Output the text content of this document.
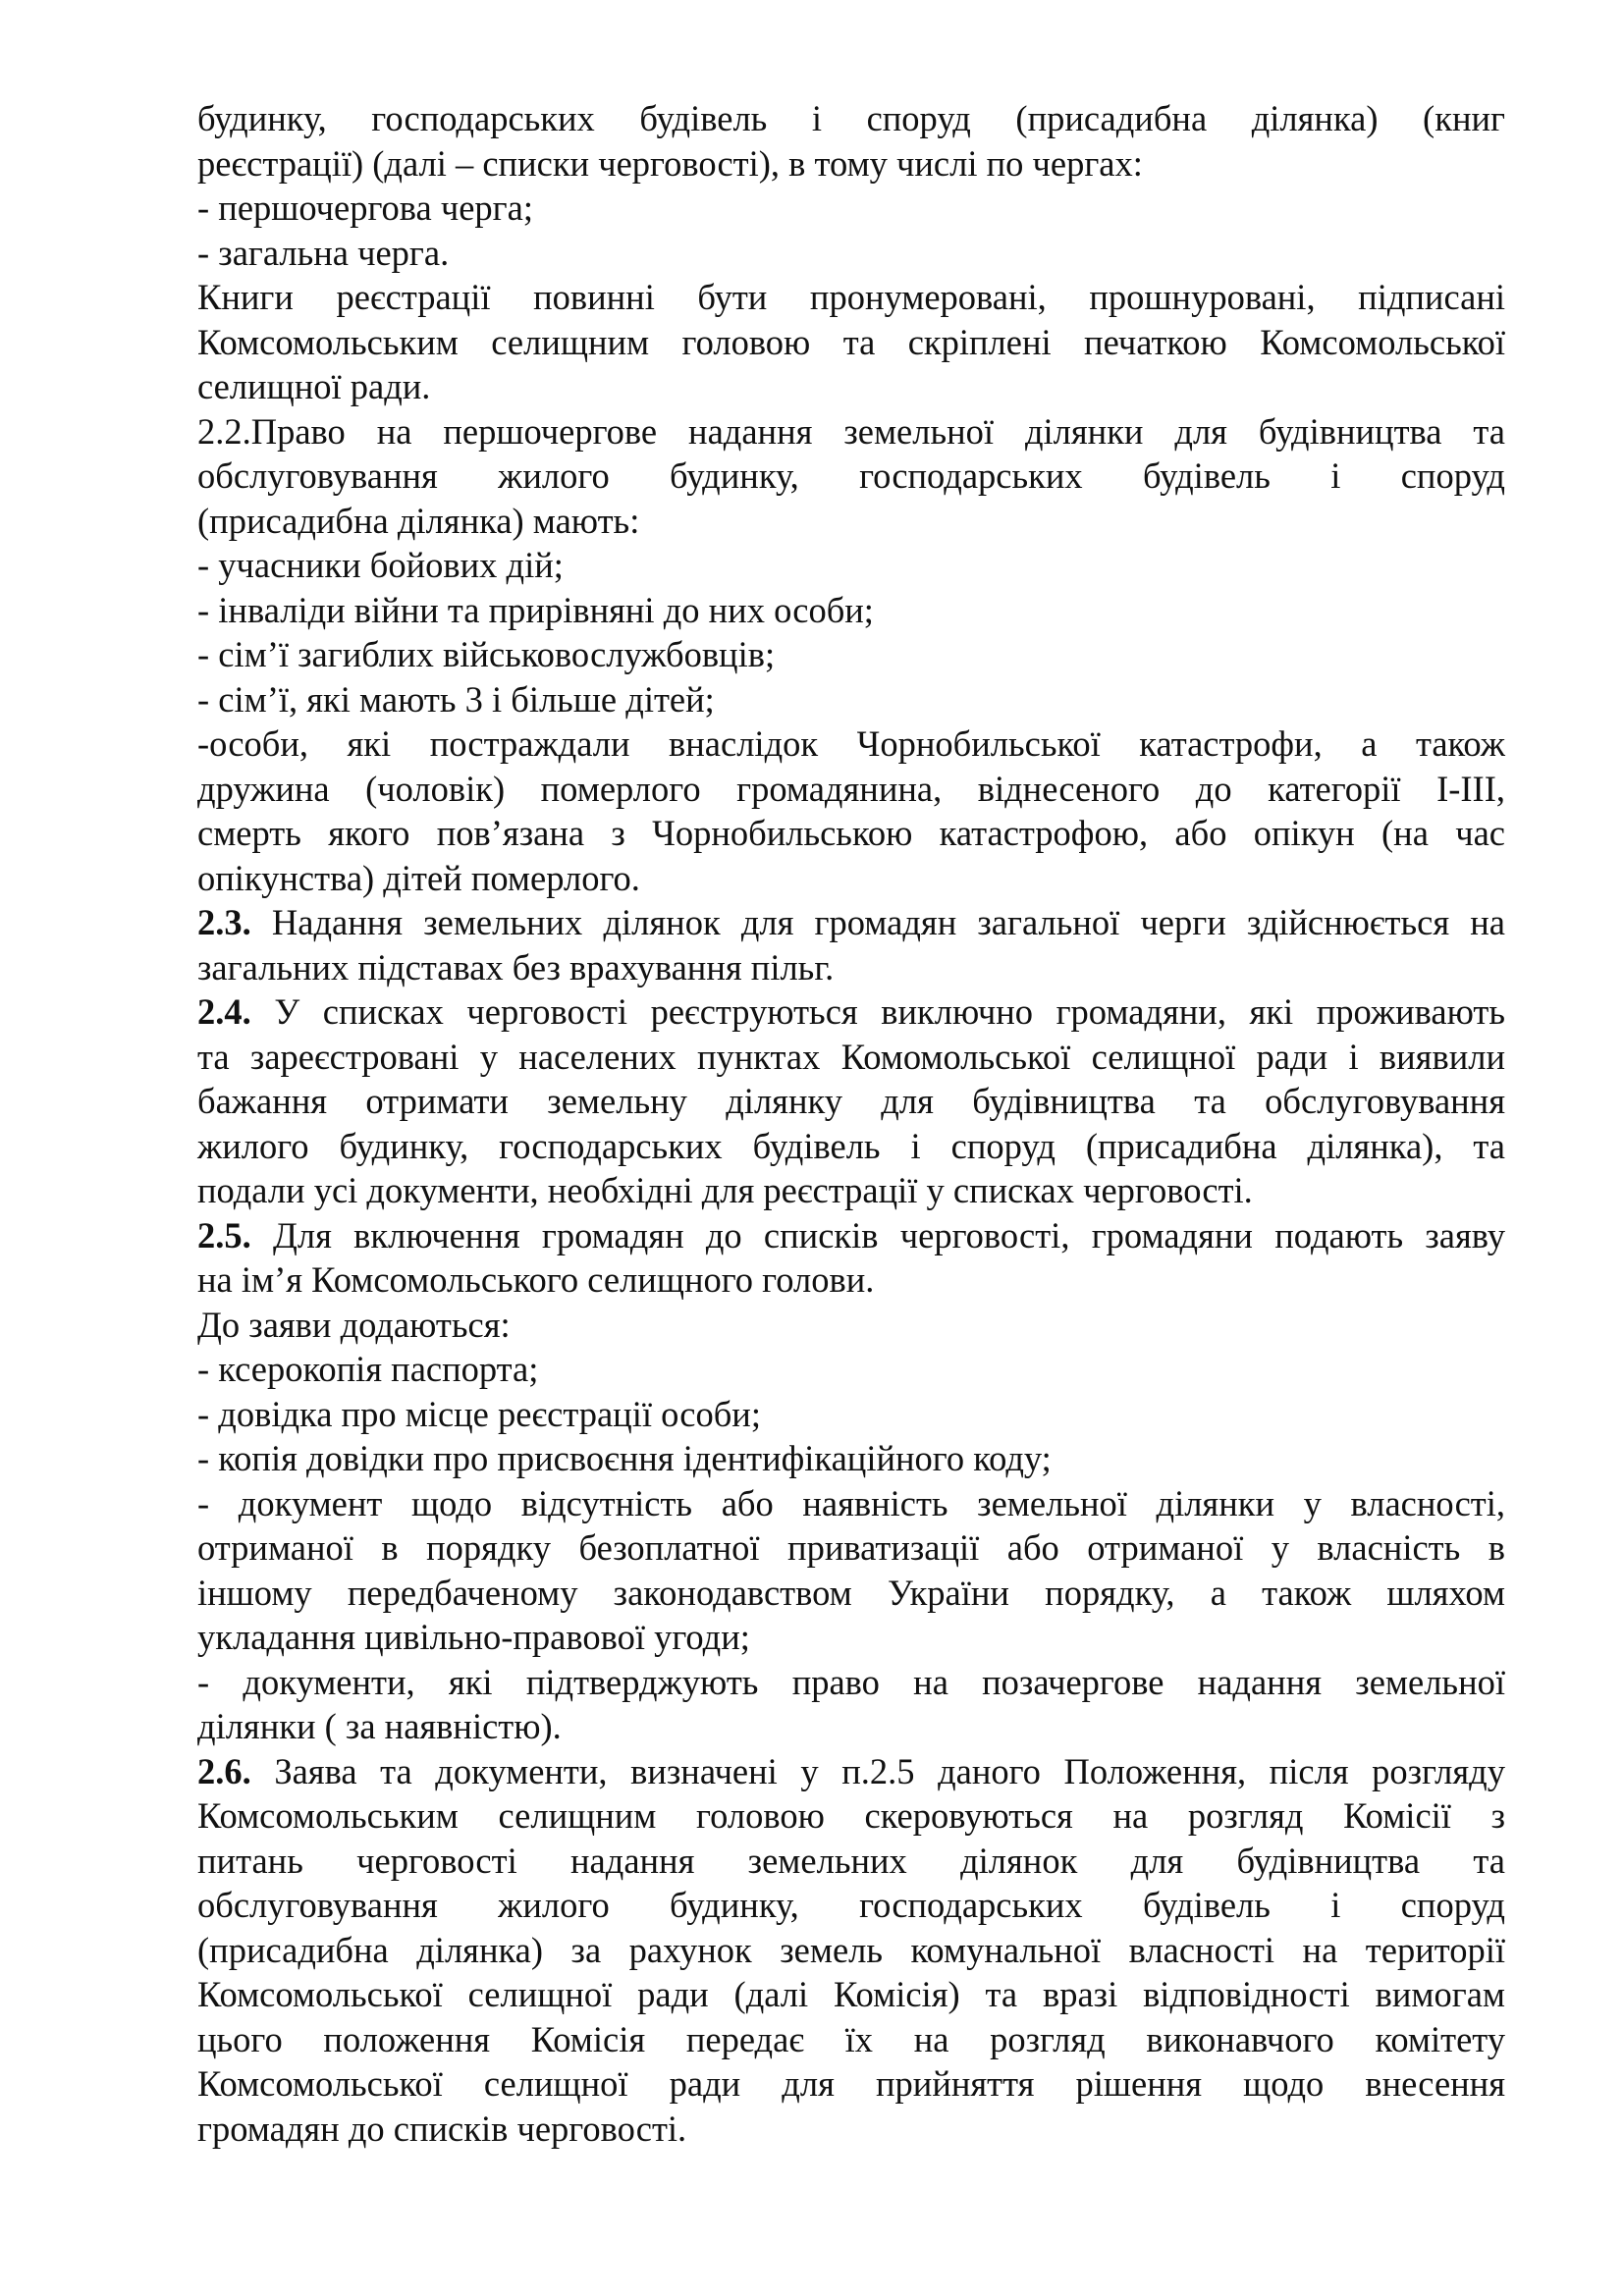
будинку, господарських будівель і споруд (присадибна ділянка) (книг
реєстрації) (далі – списки черговості), в тому числі по чергах:
- першочергова черга;
- загальна черга.
Книги реєстрації повинні бути пронумеровані, прошнуровані, підписані
Комсомольським селищним головою та скріплені печаткою Комсомольської
селищної ради.
2.2.Право на першочергове надання земельної ділянки для будівництва та
обслуговування жилого будинку, господарських будівель і споруд
(присадибна ділянка) мають:
- учасники бойових дій;
- інваліди війни та прирівняні до них особи;
- сім’ї загиблих військовослужбовців;
- сім’ї, які мають 3 і більше дітей;
-особи, які постраждали внаслідок Чорнобильської катастрофи, а також
дружина (чоловік) померлого громадянина, віднесеного до категорії I-III,
смерть якого пов’язана з Чорнобильською катастрофою, або опікун (на час
опікунства) дітей померлого.
2.3. Надання земельних ділянок для громадян загальної черги здійснюється на
загальних підставах без врахування пільг.
2.4. У списках черговості реєструються виключно громадяни, які проживають
та зареєстровані у населених пунктах Комомольської селищної ради і виявили
бажання отримати земельну ділянку для будівництва та обслуговування
жилого будинку, господарських будівель і споруд (присадибна ділянка), та
подали усі документи, необхідні для реєстрації у списках черговості.
2.5. Для включення громадян до списків черговості, громадяни подають заяву
на ім’я Комсомольського селищного голови.
До заяви додаються:
- ксерокопія паспорта;
- довідка про місце реєстрації особи;
- копія довідки про присвоєння ідентифікаційного коду;
- документ щодо відсутність або наявність земельної ділянки у власності,
отриманої в порядку безоплатної приватизації або отриманої у власність в
іншому передбаченому законодавством України порядку, а також шляхом
укладання цивільно-правової угоди;
- документи, які підтверджують право на позачергове надання земельної
ділянки ( за наявністю).
2.6. Заява та документи, визначені у п.2.5 даного Положення, після розгляду
Комсомольським селищним головою скеровуються на розгляд Комісії з
питань черговості надання земельних ділянок для будівництва та
обслуговування жилого будинку, господарських будівель і споруд
(присадибна ділянка) за рахунок земель комунальної власності на території
Комсомольської селищної ради (далі Комісія) та вразі відповідності вимогам
цього положення Комісія передає їх на розгляд виконавчого комітету
Комсомольської селищної ради для прийняття рішення щодо внесення
громадян до списків черговості.
